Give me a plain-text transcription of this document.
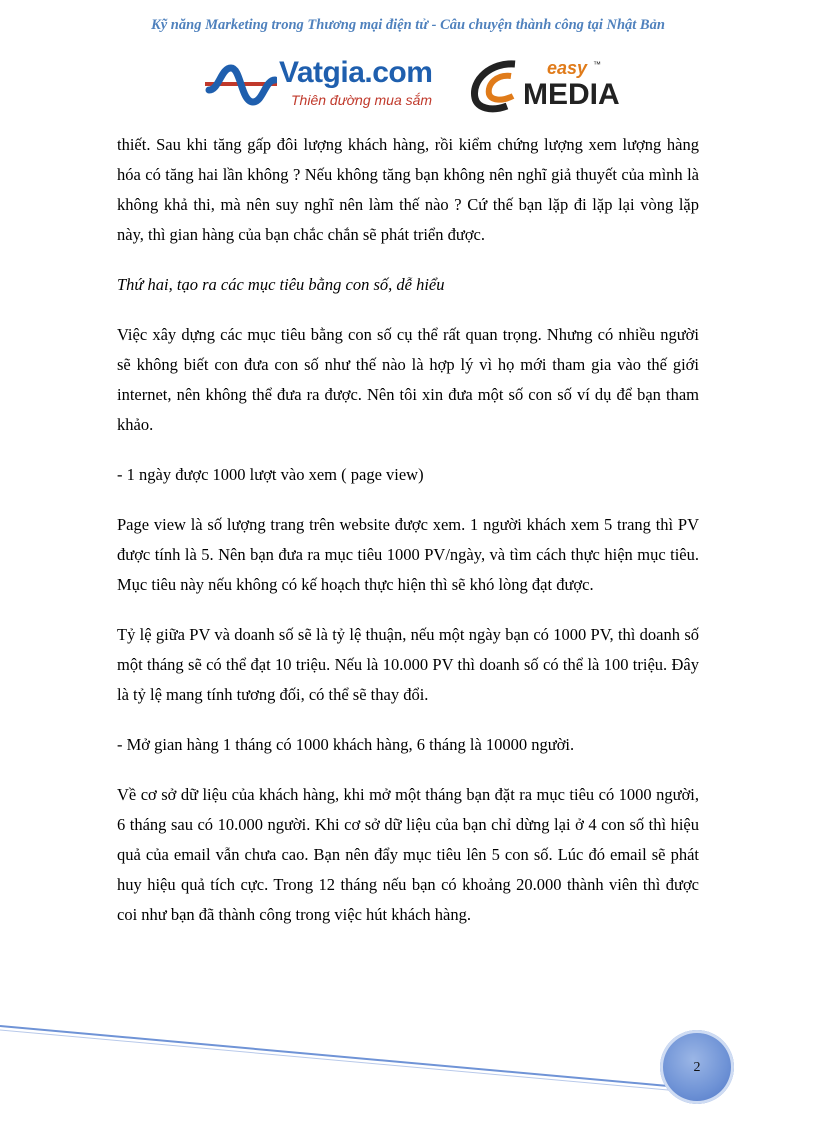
Kỹ năng Marketing trong Thương mại điện tử - Câu chuyện thành công tại Nhật Bản
Vatgia.com
Thiên đường mua sắm
easy ™
MEDIA

thiết. Sau khi tăng gấp đôi lượng khách hàng, rồi kiểm chứng lượng xem lượng hàng hóa có tăng hai lần không ? Nếu không tăng bạn không nên nghĩ giả thuyết của mình là không khả thi, mà nên suy nghĩ nên làm thế nào ? Cứ thế bạn lặp đi lặp lại vòng lặp này, thì gian hàng của bạn chắc chắn sẽ phát triển được.

Thứ hai, tạo ra các mục tiêu bằng con số, dễ hiểu

Việc xây dựng các mục tiêu bằng con số cụ thể rất quan trọng. Nhưng có nhiều người sẽ không biết con đưa con số như thế nào là hợp lý vì họ mới tham gia vào thế giới internet, nên không thể đưa ra được. Nên tôi xin đưa một số con số ví dụ để bạn tham khảo.

- 1 ngày được 1000 lượt vào xem ( page view)

Page view là số lượng trang trên website được xem. 1 người khách xem 5 trang thì PV được tính là 5. Nên bạn đưa ra mục tiêu 1000 PV/ngày, và tìm cách thực hiện mục tiêu. Mục tiêu này nếu không có kế hoạch thực hiện thì sẽ khó lòng đạt được.

Tỷ lệ giữa PV và doanh số sẽ là tỷ lệ thuận, nếu một ngày bạn có 1000 PV, thì doanh số một tháng sẽ có thể đạt 10 triệu. Nếu là 10.000 PV thì doanh số có thể là 100 triệu. Đây là tỷ lệ mang tính tương đối, có thể sẽ thay đổi.

- Mở gian hàng 1 tháng có 1000 khách hàng, 6 tháng là 10000 người.

Về cơ sở dữ liệu của khách hàng, khi mở một tháng bạn đặt ra mục tiêu có 1000 người, 6 tháng sau có 10.000 người. Khi cơ sở dữ liệu của bạn chỉ dừng lại ở 4 con số thì hiệu quả của email vẫn chưa cao. Bạn nên đẩy mục tiêu lên 5 con số. Lúc đó email sẽ phát huy hiệu quả tích cực. Trong 12 tháng nếu bạn có khoảng 20.000 thành viên thì được coi như bạn đã thành công trong việc hút khách hàng.

2
